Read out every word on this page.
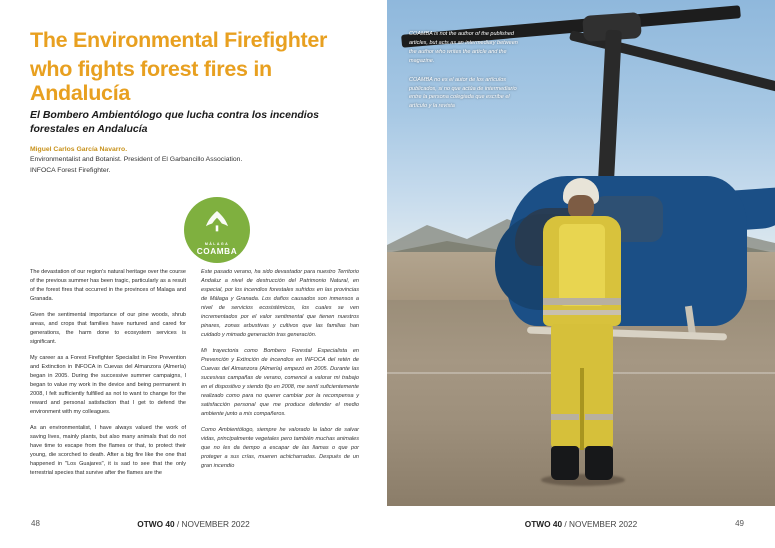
The Environmental Firefighter
who fights forest fires in Andalucía
El Bombero Ambientólogo que lucha contra los incendios forestales en Andalucía
Miguel Carlos García Navarro.
Environmentalist and Botanist. President of El Garbancillo Association.
INFOCA Forest Firefighter.
MÁLAGA
COAMBA

The devastation of our region's natural heritage over the course of the previous summer has been tragic, particularly as a result of the forest fires that occurred in the provinces of Malaga and Granada.

Given the sentimental importance of our pine woods, shrub areas, and crops that families have nurtured and cared for generations, the harm done to ecosystem services is significant.

My career as a Forest Firefighter Specialist in Fire Prevention and Extinction in INFOCA in Cuevas del Almanzora (Almería) began in 2005. During the successive summer campaigns, I began to value my work in the device and being permanent in 2008, I felt sufficiently fulfilled as not to want to change for the reward and personal satisfaction that I get to defend the environment with my colleagues.

As an environmentalist, I have always valued the work of saving lives, mainly plants, but also many animals that do not have time to escape from the flames or that, to protect their young, die scorched to death. After a big fire like the one that happened in "Los Guajares", it is sad to see that the only terrestrial species that survive after the flames are the

Este pasado verano, ha sido devastador para nuestro Territorio Andaluz a nivel de destrucción del Patrimonio Natural, en especial, por los incendios forestales sufridos en las provincias de Málaga y Granada. Los daños causados son inmensos a nivel de servicios ecosistémicos, los cuales se ven incrementados por el valor sentimental que tienen nuestros pinares, zonas arbustivas y cultivos que las familias han cuidado y mimado generación tras generación.

Mi trayectoria como Bombero Forestal Especialista en Prevención y Extinción de incendios en INFOCA del retén de Cuevas del Almanzora (Almería) empezó en 2005. Durante las sucesivas campañas de verano, comencé a valorar mi trabajo en el dispositivo y siendo fijo en 2008, me sentí suficientemente realizado como para no querer cambiar por la recompensa y satisfacción personal que me produce defender el medio ambiente junto a mis compañeros.

Como Ambientólogo, siempre he valorado la labor de salvar vidas, principalmente vegetales pero también muchas animales que no les da tiempo a escapar de las llamas o que por proteger a sus crías, mueren achicharradas. Después de un gran incendio

48	OTWO 40 / NOVEMBER 2022

COAMBA is not the author of the published articles, but acts as an intermediary between the author who writes the article and the magazine.

COAMBA no es el autor de los artículos publicados, si no que actúa de intermediario entre la persona colegiada que escribe el artículo y la revista

49
OTWO 40 / NOVEMBER 2022
